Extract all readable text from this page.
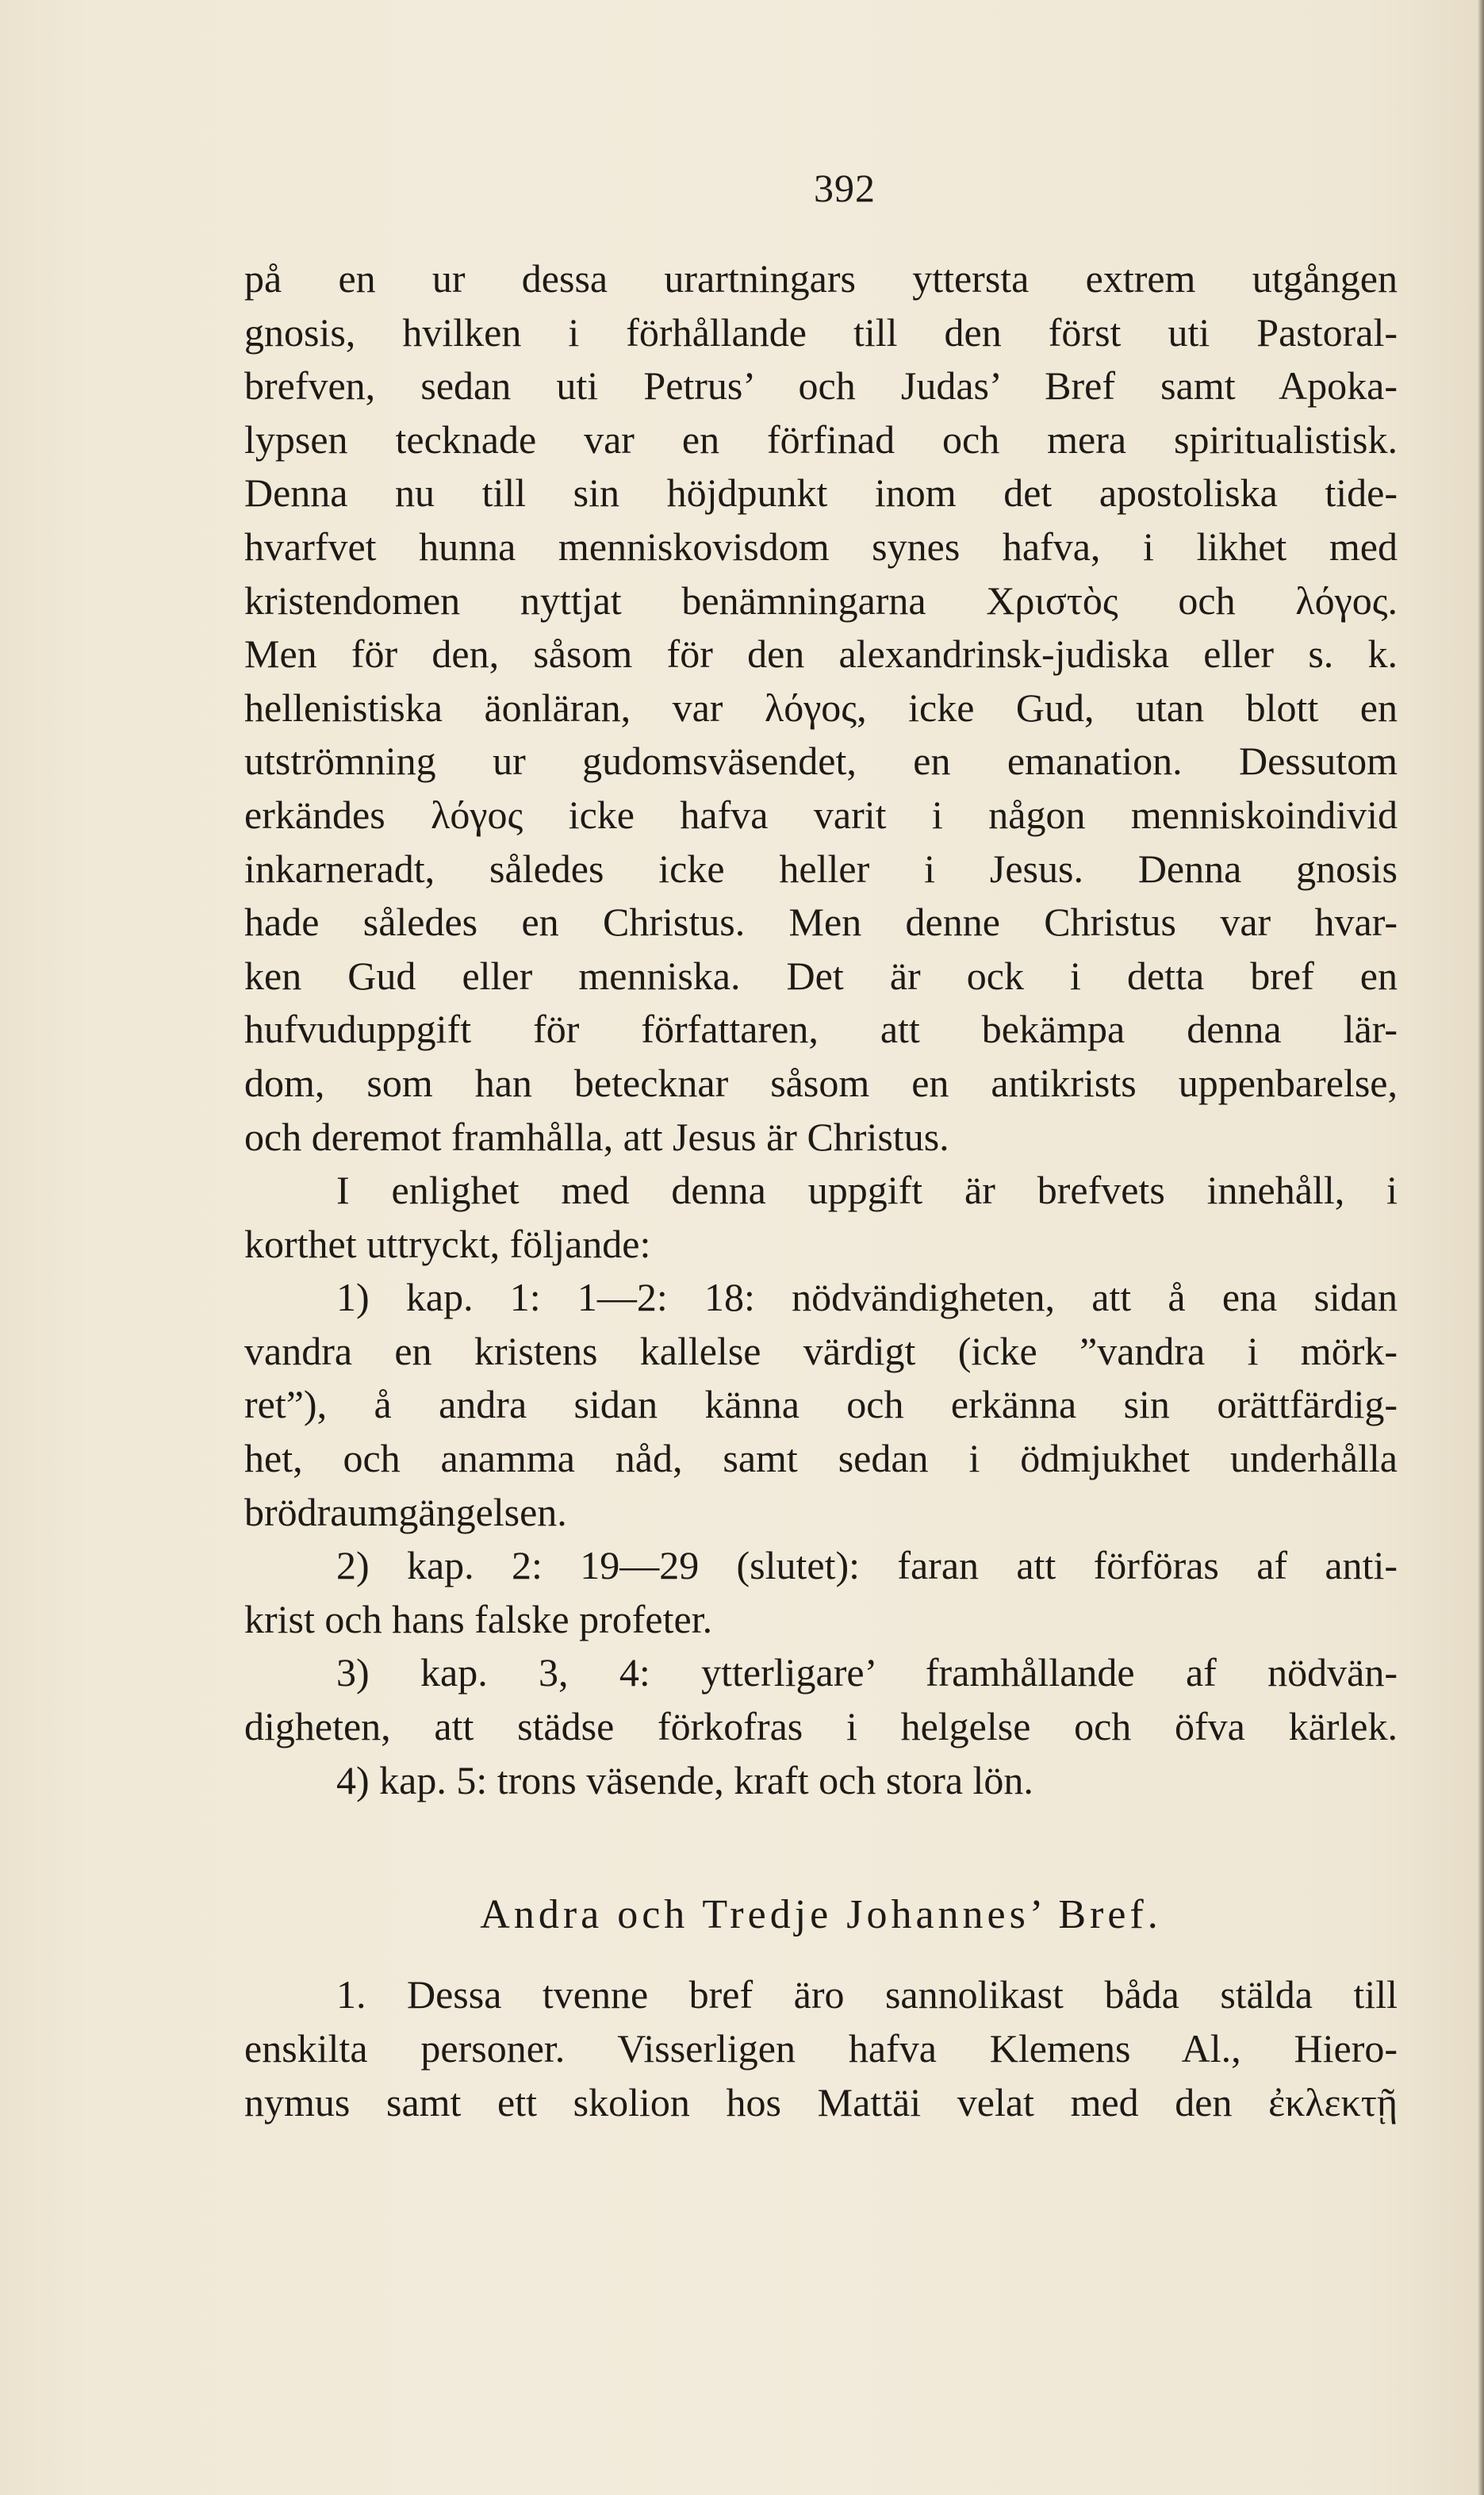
392
på en ur dessa urartningars yttersta extrem utgången
gnosis, hvilken i förhållande till den först uti Pastoral-
brefven, sedan uti Petrus’ och Judas’ Bref samt Apoka-
lypsen tecknade var en förfinad och mera spiritualistisk.
Denna nu till sin höjdpunkt inom det apostoliska tide-
hvarfvet hunna menniskovisdom synes hafva, i likhet med
kristendomen nyttjat benämningarna Χριστὸς och λόγος.
Men för den, såsom för den alexandrinsk-judiska eller s. k.
hellenistiska äonläran, var λόγος, icke Gud, utan blott en
utströmning ur gudomsväsendet, en emanation. Dessutom
erkändes λόγος icke hafva varit i någon menniskoindivid
inkarneradt, således icke heller i Jesus. Denna gnosis
hade således en Christus. Men denne Christus var hvar-
ken Gud eller menniska. Det är ock i detta bref en
hufvuduppgift för författaren, att bekämpa denna lär-
dom, som han betecknar såsom en antikrists uppenbarelse,
och deremot framhålla, att Jesus är Christus.
I enlighet med denna uppgift är brefvets innehåll, i
korthet uttryckt, följande:
1) kap. 1: 1—2: 18: nödvändigheten, att å ena sidan
vandra en kristens kallelse värdigt (icke ”vandra i mörk-
ret”), å andra sidan känna och erkänna sin orättfärdig-
het, och anamma nåd, samt sedan i ödmjukhet underhålla
brödraumgängelsen.
2) kap. 2: 19—29 (slutet): faran att förföras af anti-
krist och hans falske profeter.
3) kap. 3, 4: ytterligare’ framhållande af nödvän-
digheten, att städse förkofras i helgelse och öfva kärlek.
4) kap. 5: trons väsende, kraft och stora lön.
Andra och Tredje Johannes’ Bref.
1. Dessa tvenne bref äro sannolikast båda stälda till
enskilta personer. Visserligen hafva Klemens Al., Hiero-
nymus samt ett skolion hos Mattäi velat med den ἐκλεκτῇ
